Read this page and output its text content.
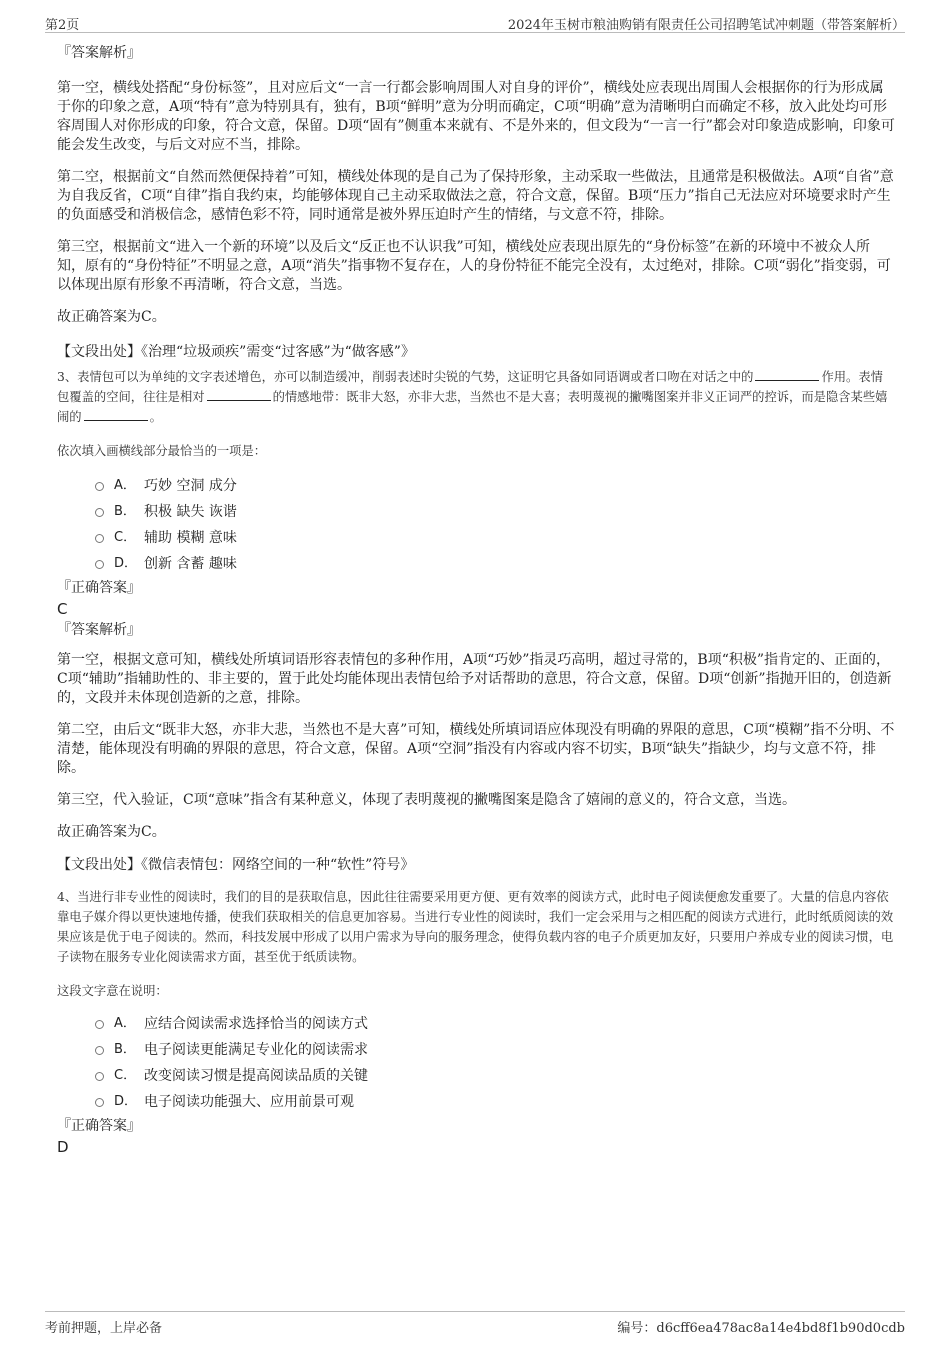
第2页	2024年玉树市粮油购销有限责任公司招聘笔试冲刺题（带答案解析）
『答案解析』

第一空，横线处搭配“身份标签”，且对应后文“一言一行都会影响周围人对自身的评价”，横线处应表现出周围人会根据你的行为形成属于你的印象之意，A项“特有”意为特别具有，独有，B项“鲜明”意为分明而确定，C项“明确”意为清晰明白而确定不移，放入此处均可形容周围人对你形成的印象，符合文意，保留。D项“固有”侧重本来就有、不是外来的，但文段为“一言一行”都会对印象造成影响，印象可能会发生改变，与后文对应不当，排除。

第二空，根据前文“自然而然便保持着”可知，横线处体现的是自己为了保持形象，主动采取一些做法，且通常是积极做法。A项“自省”意为自我反省，C项“自律”指自我约束，均能够体现自己主动采取做法之意，符合文意，保留。B项“压力”指自己无法应对环境要求时产生的负面感受和消极信念，感情色彩不符，同时通常是被外界压迫时产生的情绪，与文意不符，排除。

第三空，根据前文“进入一个新的环境”以及后文“反正也不认识我”可知，横线处应表现出原先的“身份标签”在新的环境中不被众人所知，原有的“身份特征”不明显之意，A项“消失”指事物不复存在，人的身份特征不能完全没有，太过绝对，排除。C项“弱化”指变弱，可以体现出原有形象不再清晰，符合文意，当选。

故正确答案为C。

【文段出处】《治理“垃圾顽疾”需变“过客感”为“做客感”》

3、表情包可以为单纯的文字表述增色，亦可以制造缓冲，削弱表述时尖锐的气势，这证明它具备如同语调或者口吻在对话之中的	作用。表情包覆盖的空间，往往是相对	的情感地带：既非大怒，亦非大悲，当然也不是大喜；表明蔑视的撇嘴图案并非义正词严的控诉，而是隐含某些嬉闹的	。

依次填入画横线部分最恰当的一项是：
A． 巧妙 空洞 成分
B． 积极 缺失 诙谐
C． 辅助 模糊 意味
D． 创新 含蓄 趣味
『正确答案』
C
『答案解析』

第一空，根据文意可知，横线处所填词语形容表情包的多种作用，A项“巧妙”指灵巧高明，超过寻常的，B项“积极”指肯定的、正面的，C项“辅助”指辅助性的、非主要的，置于此处均能体现出表情包给予对话帮助的意思，符合文意，保留。D项“创新”指抛开旧的，创造新的，文段并未体现创造新的之意，排除。

第二空，由后文“既非大怒，亦非大悲，当然也不是大喜”可知，横线处所填词语应体现没有明确的界限的意思，C项“模糊”指不分明、不清楚，能体现没有明确的界限的意思，符合文意，保留。A项“空洞”指没有内容或内容不切实，B项“缺失”指缺少，均与文意不符，排除。

第三空，代入验证，C项“意味”指含有某种意义，体现了表明蔑视的撇嘴图案是隐含了嬉闹的意义的，符合文意，当选。

故正确答案为C。

【文段出处】《微信表情包：网络空间的一种“软性”符号》

4、当进行非专业性的阅读时，我们的目的是获取信息，因此往往需要采用更方便、更有效率的阅读方式，此时电子阅读便愈发重要了。大量的信息内容依靠电子媒介得以更快速地传播，使我们获取相关的信息更加容易。当进行专业性的阅读时，我们一定会采用与之相匹配的阅读方式进行，此时纸质阅读的效果应该是优于电子阅读的。然而，科技发展中形成了以用户需求为导向的服务理念，使得负载内容的电子介质更加友好，只要用户养成专业的阅读习惯，电子读物在服务专业化阅读需求方面，甚至优于纸质读物。

这段文字意在说明：
A． 应结合阅读需求选择恰当的阅读方式
B． 电子阅读更能满足专业化的阅读需求
C． 改变阅读习惯是提高阅读品质的关键
D． 电子阅读功能强大、应用前景可观
『正确答案』
D
考前押题，上岸必备	编号：d6cff6ea478ac8a14e4bd8f1b90d0cdb
